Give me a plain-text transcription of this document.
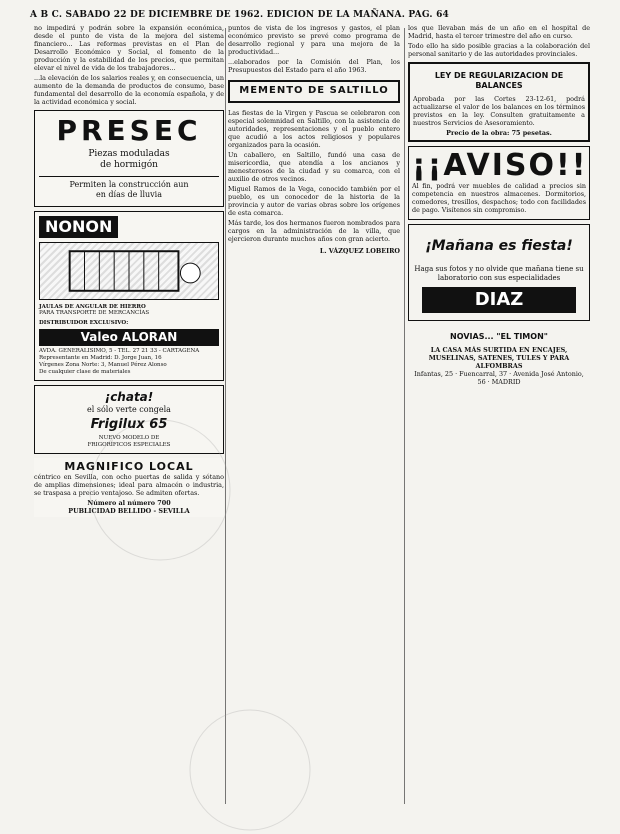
A B C. SABADO 22 DE DICIEMBRE DE 1962. EDICION DE LA MAÑANA. PAG. 64

no impedirá y podrán sobre la expansión económica, desde el punto de vista de la mejora del sistema financiero... Las reformas previstas en el Plan de Desarrollo Económico y Social, el fomento de la producción y la estabilidad de los precios, que permitan elevar el nivel de vida de los trabajadores...

...la elevación de los salarios reales y, en consecuencia, un aumento de la demanda de productos de consumo, base fundamental del desarrollo de la economía española, y de la actividad económica y social.

PRESEC
Piezas moduladas
de hormigón
Permiten la construcción aun
en días de lluvia
NONON
JAULAS DE ANGULAR DE HIERRO
PARA TRANSPORTE DE MERCANCÍAS
DISTRIBUIDOR EXCLUSIVO:
Valeo ALORAN
AVDA. GENERALISIMO, 5 - TEL. 27 21 33 - CARTAGENA
Representante en Madrid: D. Jorge Juan, 16
Vírgenes Zona Norte: 3, Manuel Pérez Alonso
De cualquier clase de materiales
¡chata!
el sólo verte congela
Frigilux 65
NUEVO MODELO DE
FRIGORÍFICOS ESPECIALES
MAGNIFICO LOCAL

céntrico en Sevilla, con ocho puertas de salida y sótano de amplias dimensiones; ideal para almacén o industria, se traspasa a precio ventajoso. Se admiten ofertas.

Número al número 700
PUBLICIDAD BELLIDO - SEVILLA

puntos de vista de los ingresos y gastos, el plan económico previsto se prevé como programa de desarrollo regional y para una mejora de la productividad...

...elaborados por la Comisión del Plan, los Presupuestos del Estado para el año 1963.

MEMENTO DE SALTILLO

Las fiestas de la Virgen y Pascua se celebraron con especial solemnidad en Saltillo, con la asistencia de autoridades, representaciones y el pueblo entero que acudió a los actos religiosos y populares organizados para la ocasión.

Un caballero, en Saltillo, fundó una casa de misericordia, que atendía a los ancianos y menesterosos de la ciudad y su comarca, con el auxilio de otros vecinos.

Miguel Ramos de la Vega, conocido también por el pueblo, es un conocedor de la historia de la provincia y autor de varias obras sobre los orígenes de esta comarca.

Más tarde, los dos hermanos fueron nombrados para cargos en la administración de la villa, que ejercieron durante muchos años con gran acierto.

L. VÁZQUEZ LOBEIRO

los que llevaban más de un año en el hospital de Madrid, hasta el tercer trimestre del año en curso.

Todo ello ha sido posible gracias a la colaboración del personal sanitario y de las autoridades provinciales.

LEY DE REGULARIZACION DE BALANCES

Aprobada por las Cortes 23-12-61, podrá actualizarse el valor de los balances en los términos previstos en la ley. Consulten gratuitamente a nuestros Servicios de Asesoramiento.

Precio de la obra: 75 pesetas.
¡¡AVISO!!

Al fin, podrá ver muebles de calidad a precios sin competencia en nuestros almacenes. Dormitorios, comedores, tresillos, despachos; todo con facilidades de pago. Visítenos sin compromiso.

¡Mañana es fiesta!
Haga sus fotos y no olvide que mañana tiene su laboratorio con sus especialidades
DIAZ
NOVIAS... "EL TIMON"
LA CASA MÁS SURTIDA EN ENCAJES, MUSELINAS, SATENES, TULES Y PARA ALFOMBRAS
Infantas, 25 · Fuencarral, 37 · Avenida José Antonio, 56 · MADRID
